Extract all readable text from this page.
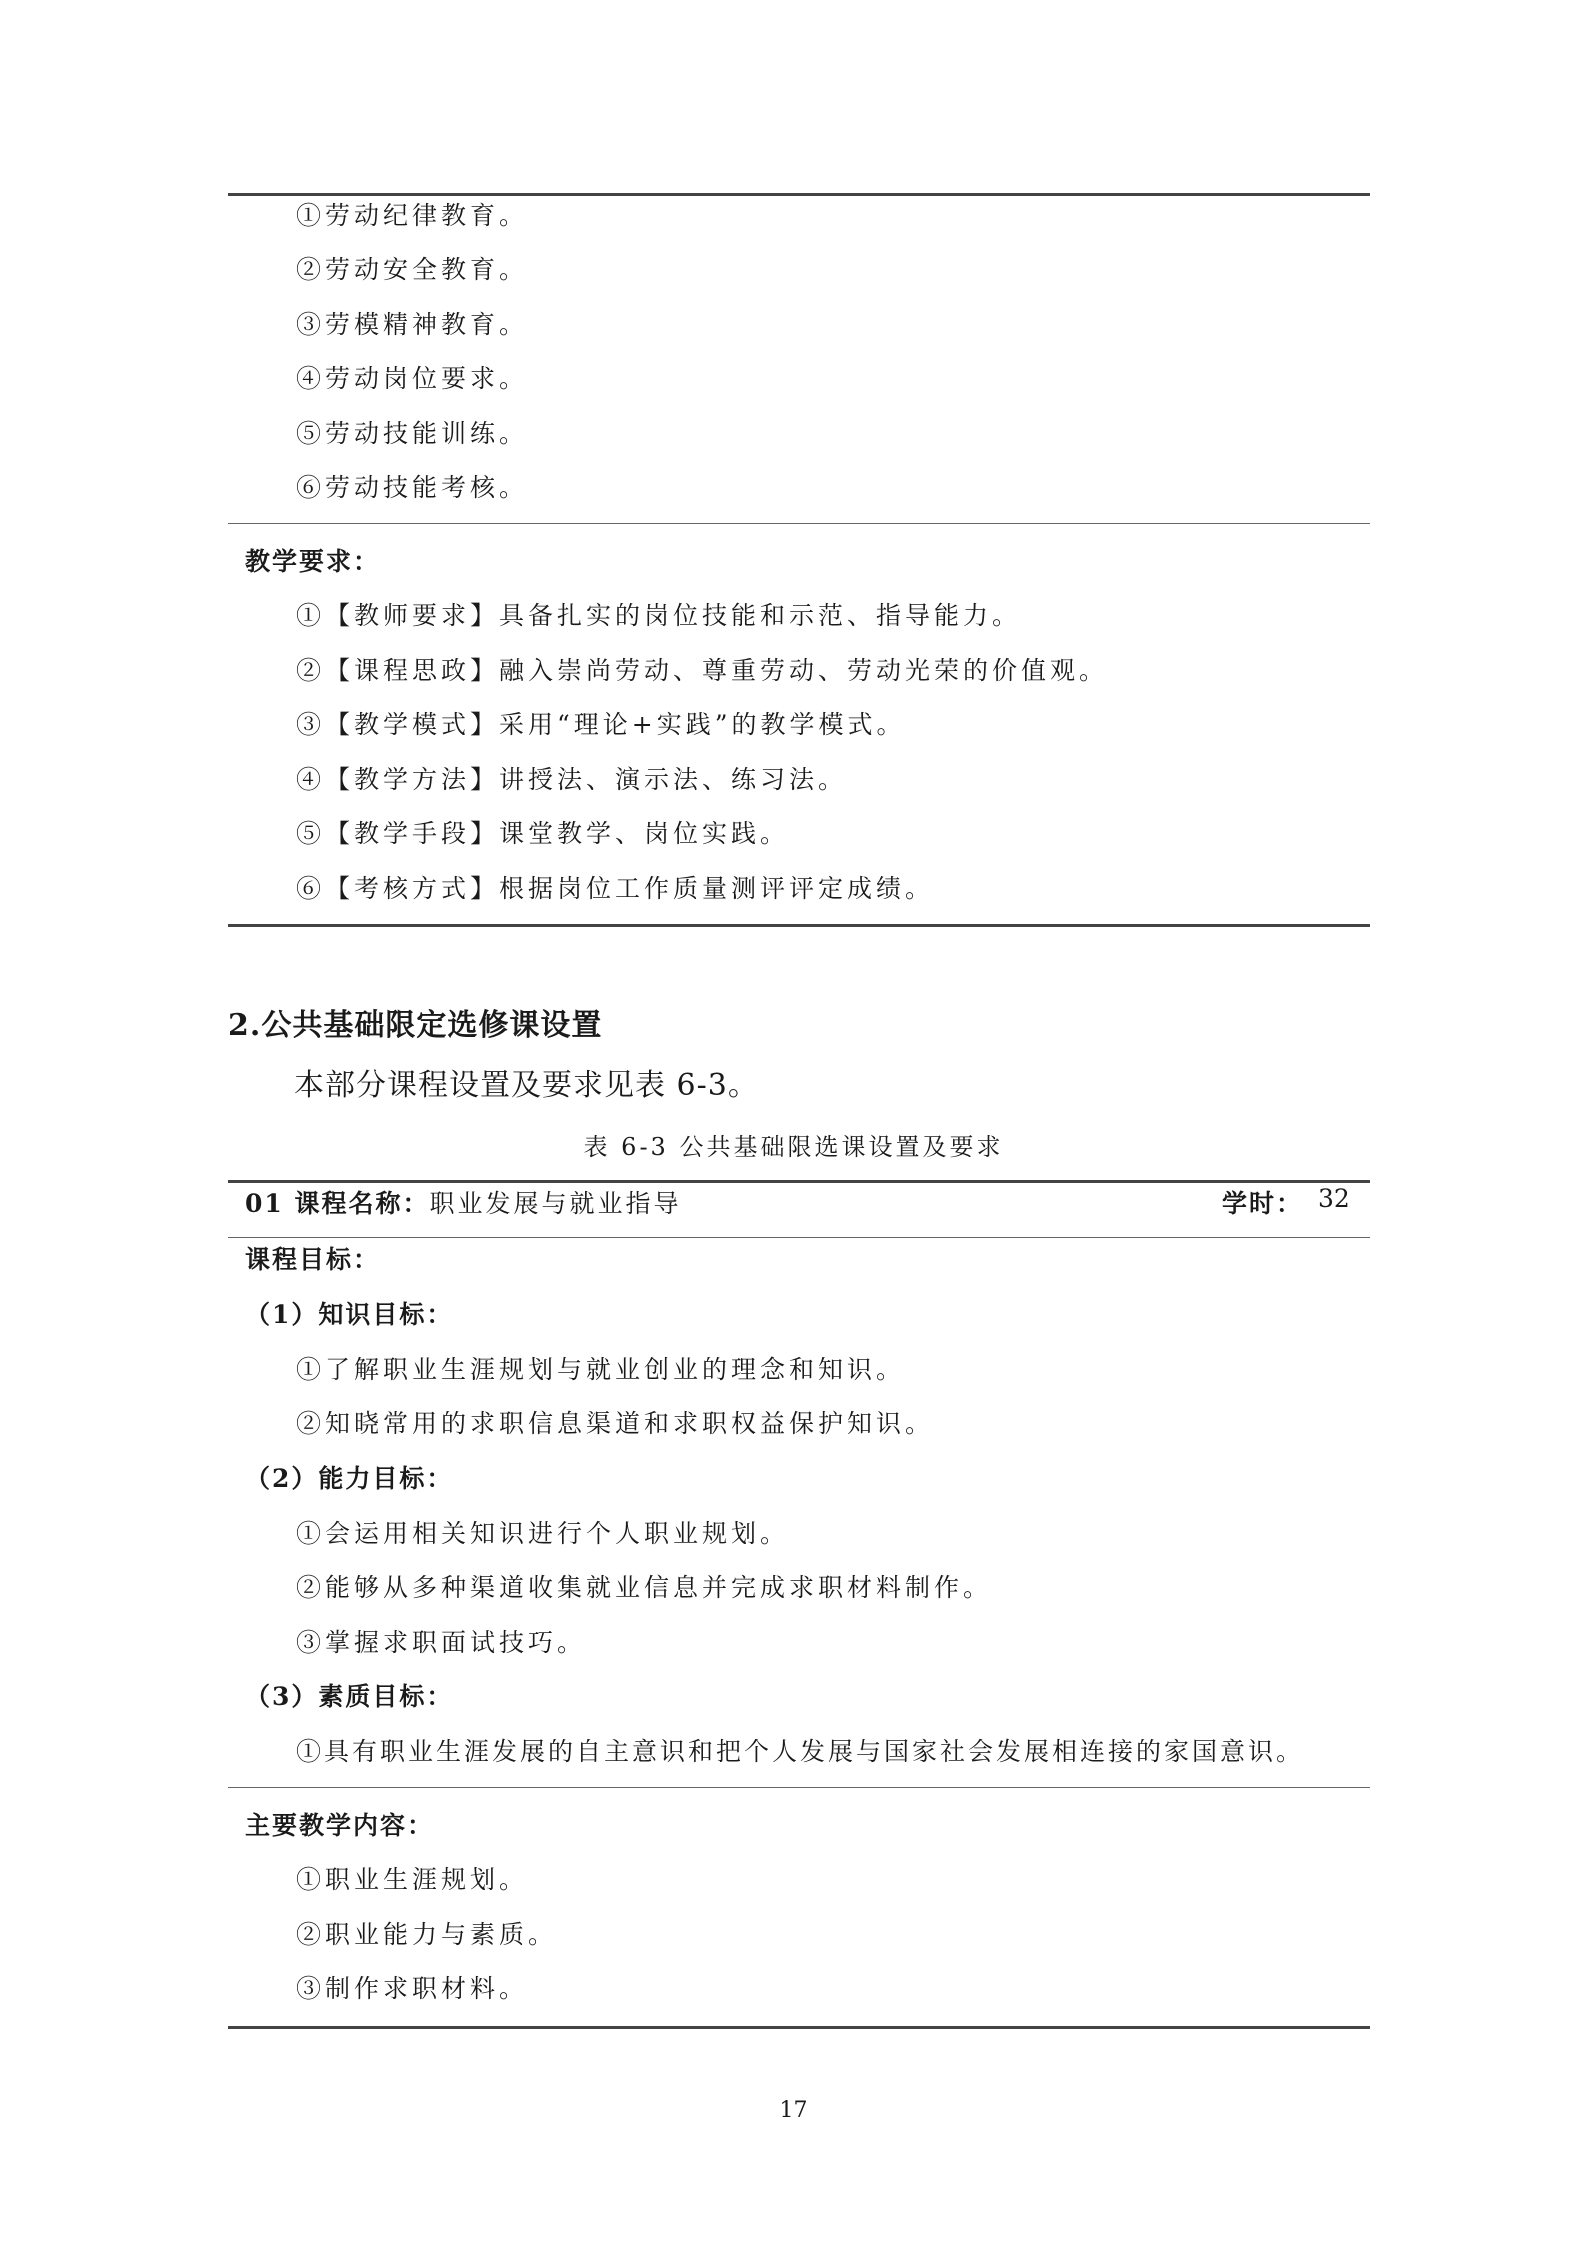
①劳动纪律教育。
②劳动安全教育。
③劳模精神教育。
④劳动岗位要求。
⑤劳动技能训练。
⑥劳动技能考核。
教学要求：
①【教师要求】具备扎实的岗位技能和示范、指导能力。
②【课程思政】融入崇尚劳动、尊重劳动、劳动光荣的价值观。
③【教学模式】采用“理论+实践”的教学模式。
④【教学方法】讲授法、演示法、练习法。
⑤【教学手段】课堂教学、岗位实践。
⑥【考核方式】根据岗位工作质量测评评定成绩。
2.公共基础限定选修课设置
本部分课程设置及要求见表 6-3。
表 6-3 公共基础限选课设置及要求
01 课程名称：职业发展与就业指导	学时： 32
课程目标：
（1）知识目标：
①了解职业生涯规划与就业创业的理念和知识。
②知晓常用的求职信息渠道和求职权益保护知识。
（2）能力目标：
①会运用相关知识进行个人职业规划。
②能够从多种渠道收集就业信息并完成求职材料制作。
③掌握求职面试技巧。
（3）素质目标：
①具有职业生涯发展的自主意识和把个人发展与国家社会发展相连接的家国意识。
主要教学内容：
①职业生涯规划。
②职业能力与素质。
③制作求职材料。
17
